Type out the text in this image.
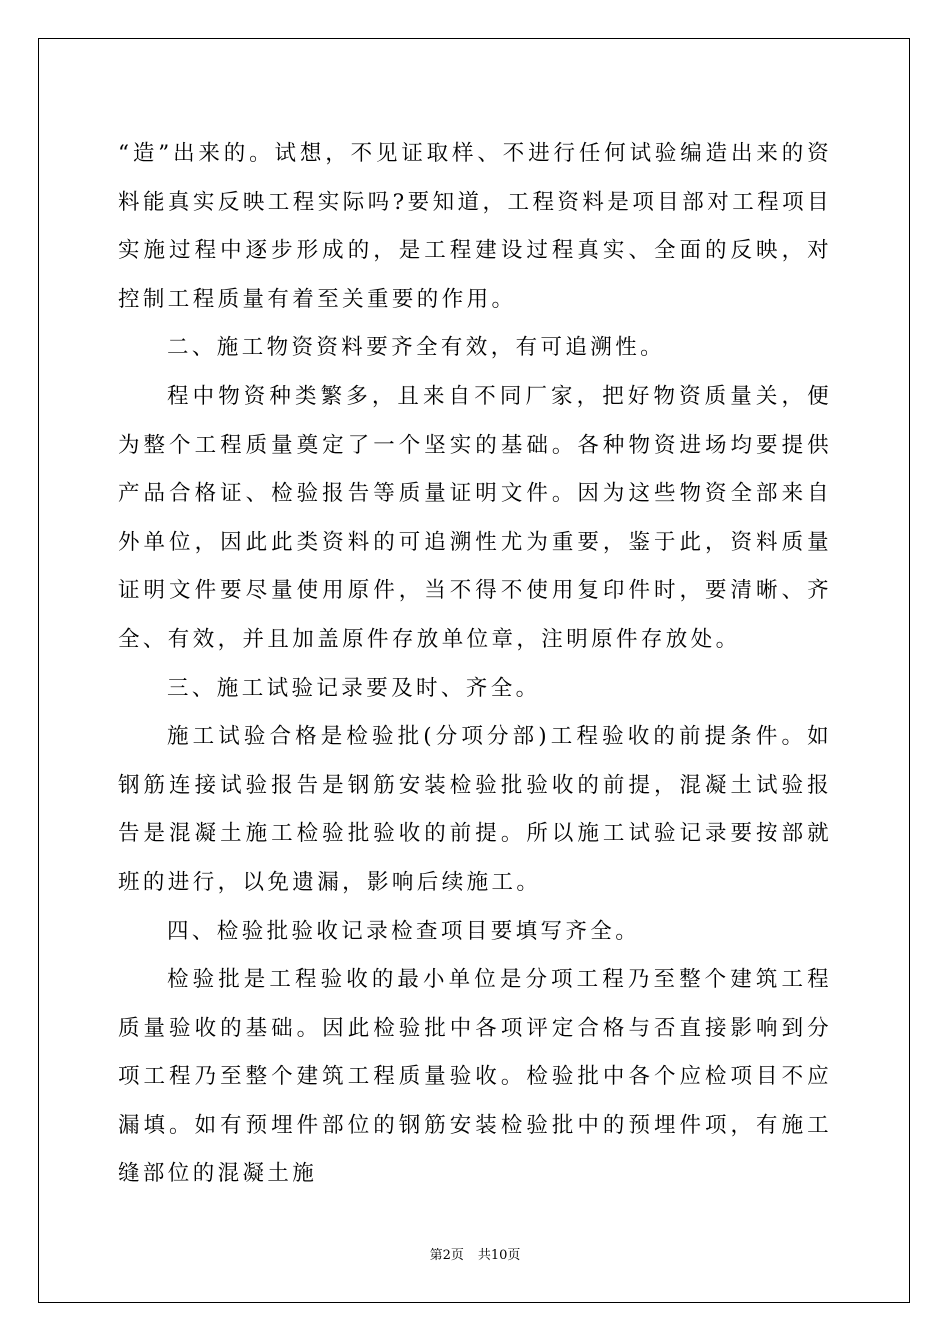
“造”出来的。试想，不见证取样、不进行任何试验编造出来的资料能真实反映工程实际吗?要知道，工程资料是项目部对工程项目实施过程中逐步形成的，是工程建设过程真实、全面的反映，对控制工程质量有着至关重要的作用。

二、施工物资资料要齐全有效，有可追溯性。

程中物资种类繁多，且来自不同厂家，把好物资质量关，便为整个工程质量奠定了一个坚实的基础。各种物资进场均要提供产品合格证、检验报告等质量证明文件。因为这些物资全部来自外单位，因此此类资料的可追溯性尤为重要，鉴于此，资料质量证明文件要尽量使用原件，当不得不使用复印件时，要清晰、齐全、有效，并且加盖原件存放单位章，注明原件存放处。

三、施工试验记录要及时、齐全。

施工试验合格是检验批(分项分部)工程验收的前提条件。如钢筋连接试验报告是钢筋安装检验批验收的前提，混凝土试验报告是混凝土施工检验批验收的前提。所以施工试验记录要按部就班的进行，以免遗漏，影响后续施工。

四、检验批验收记录检查项目要填写齐全。

检验批是工程验收的最小单位是分项工程乃至整个建筑工程质量验收的基础。因此检验批中各项评定合格与否直接影响到分项工程乃至整个建筑工程质量验收。检验批中各个应检项目不应漏填。如有预埋件部位的钢筋安装检验批中的预埋件项，有施工缝部位的混凝土施

第2页 共10页
